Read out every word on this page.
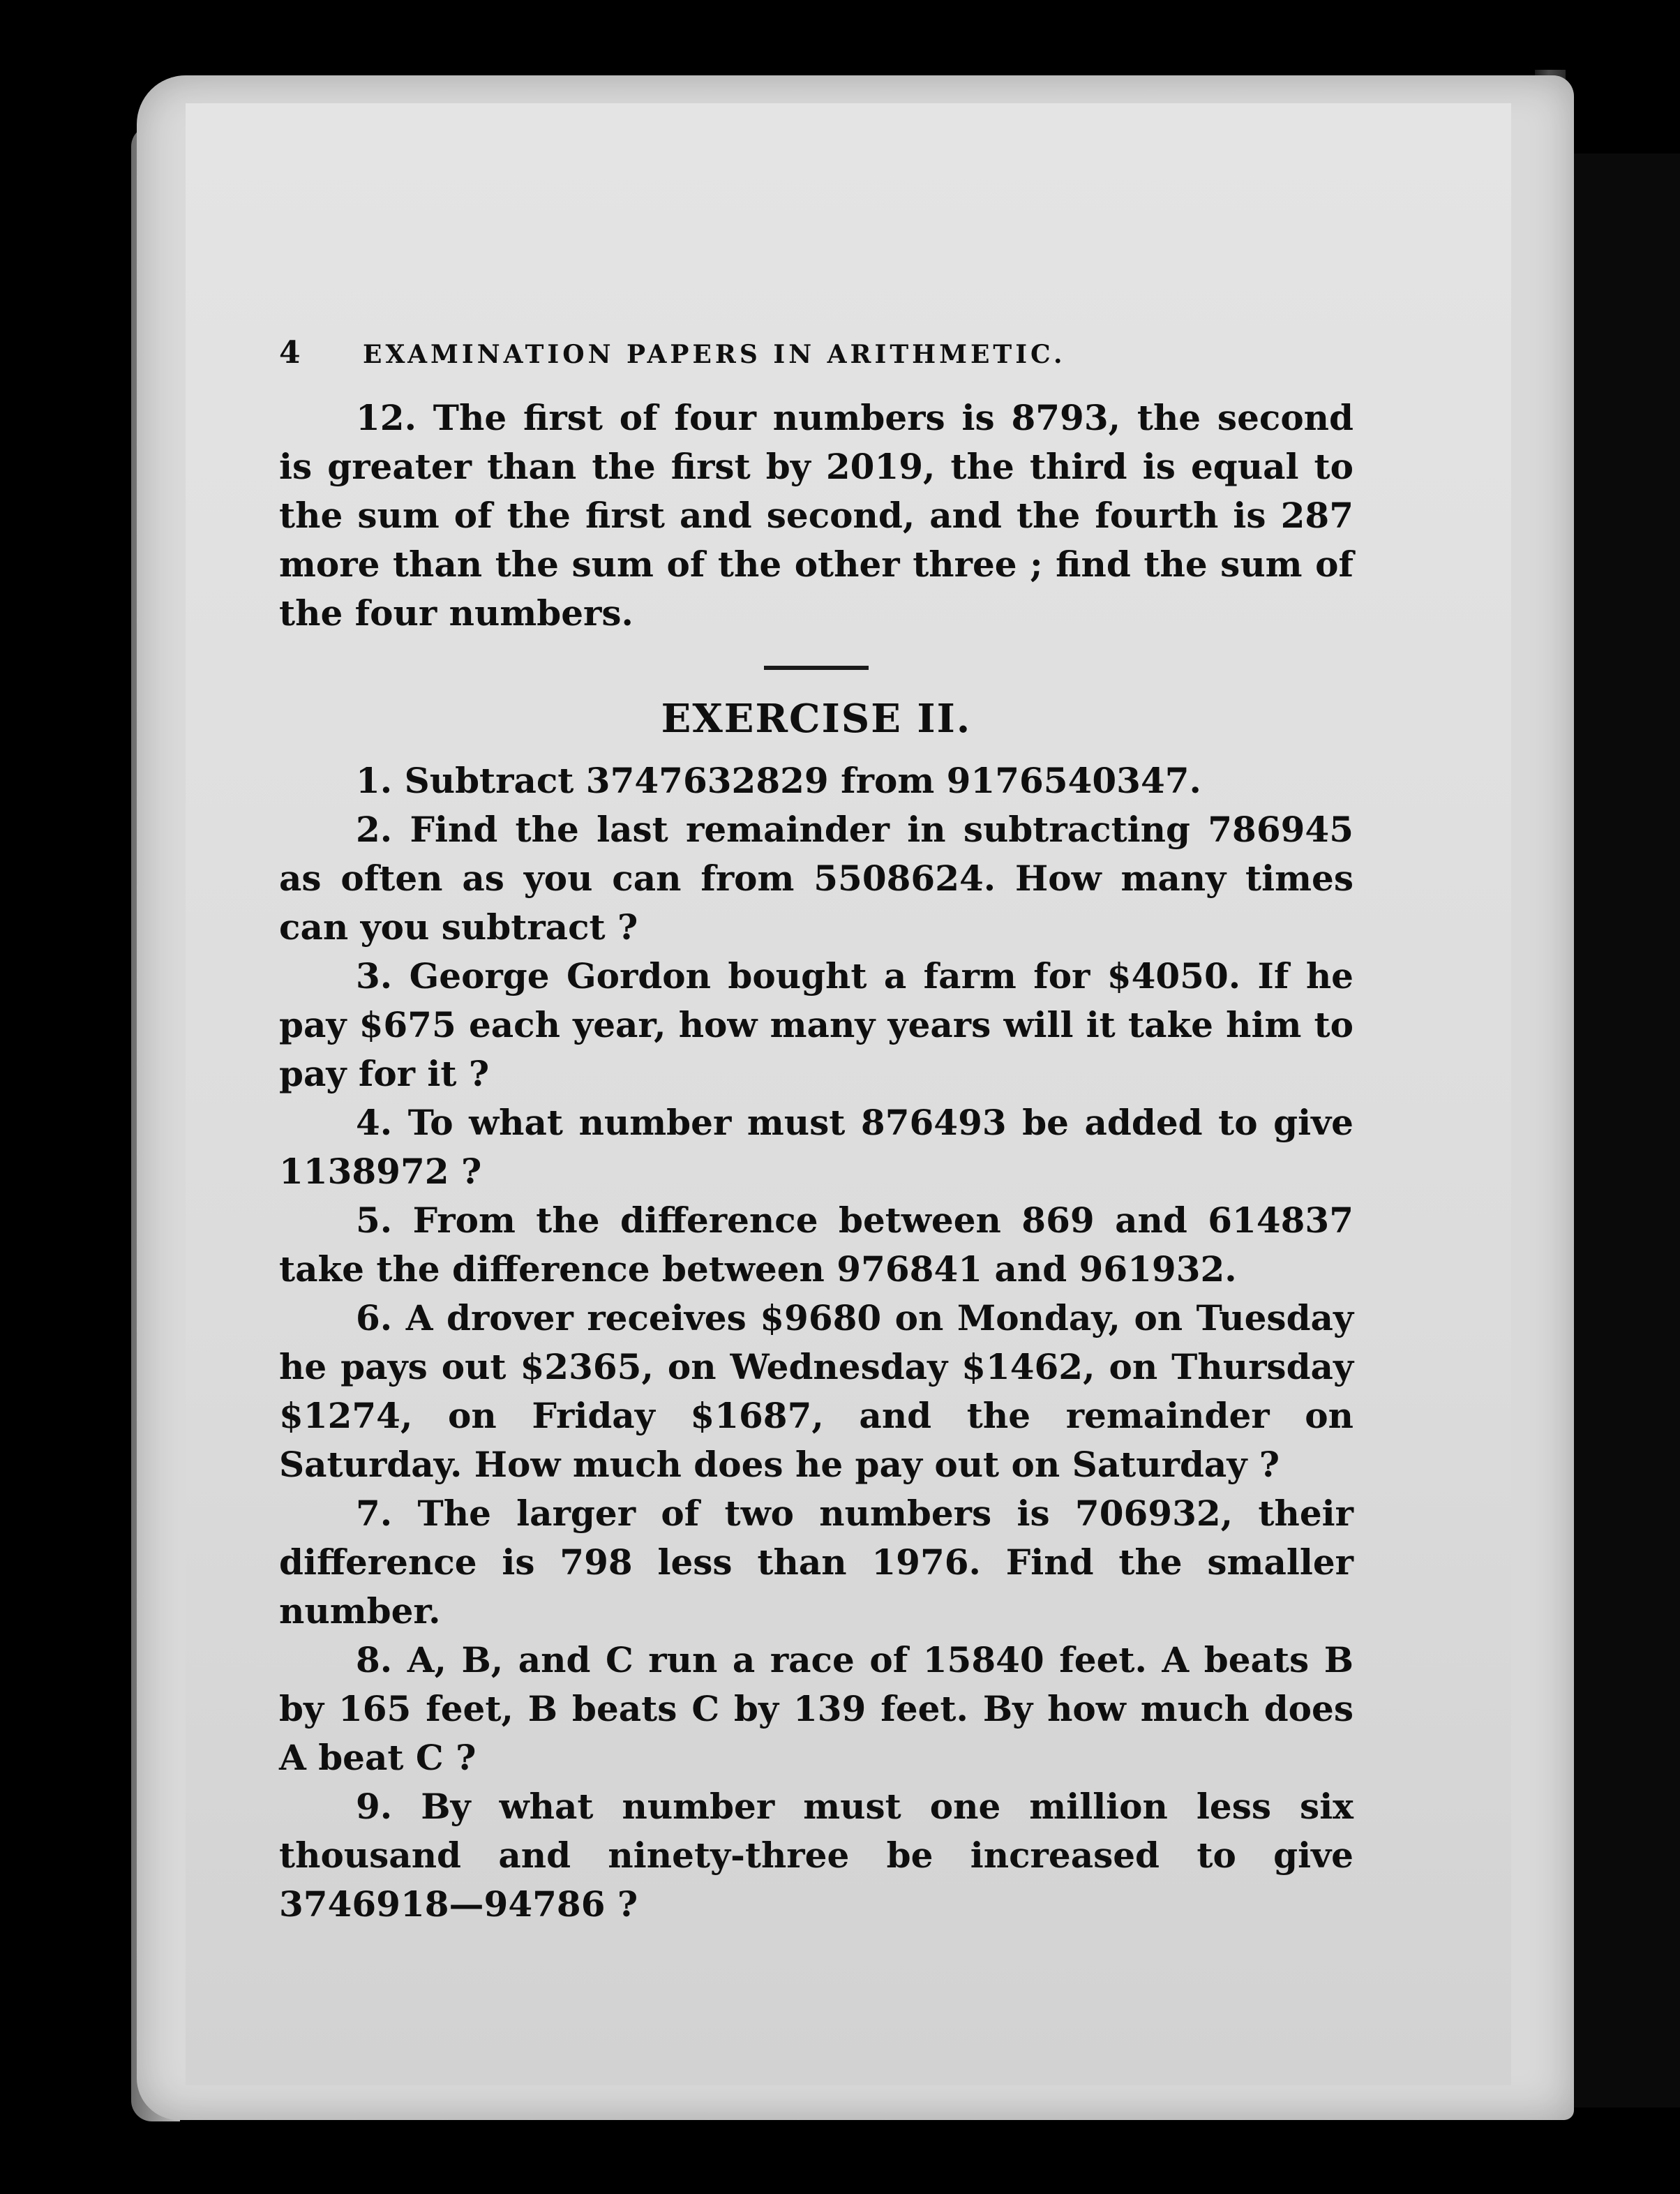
4	EXAMINATION PAPERS IN ARITHMETIC.

12. The first of four numbers is 8793, the second is greater than the first by 2019, the third is equal to the sum of the first and second, and the fourth is 287 more than the sum of the other three ; find the sum of the four numbers.

EXERCISE II.

1. Subtract 3747632829 from 9176540347.

2. Find the last remainder in subtracting 786945 as often as you can from 5508624. How many times can you subtract ?

3. George Gordon bought a farm for $4050. If he pay $675 each year, how many years will it take him to pay for it ?

4. To what number must 876493 be added to give 1138972 ?

5. From the difference between 869 and 614837 take the difference between 976841 and 961932.

6. A drover receives $9680 on Monday, on Tuesday he pays out $2365, on Wednesday $1462, on Thursday $1274, on Friday $1687, and the remainder on Saturday. How much does he pay out on Saturday ?

7. The larger of two numbers is 706932, their difference is 798 less than 1976. Find the smaller number.

8. A, B, and C run a race of 15840 feet. A beats B by 165 feet, B beats C by 139 feet. By how much does A beat C ?

9. By what number must one million less six thousand and ninety-three be increased to give 3746918—94786 ?
